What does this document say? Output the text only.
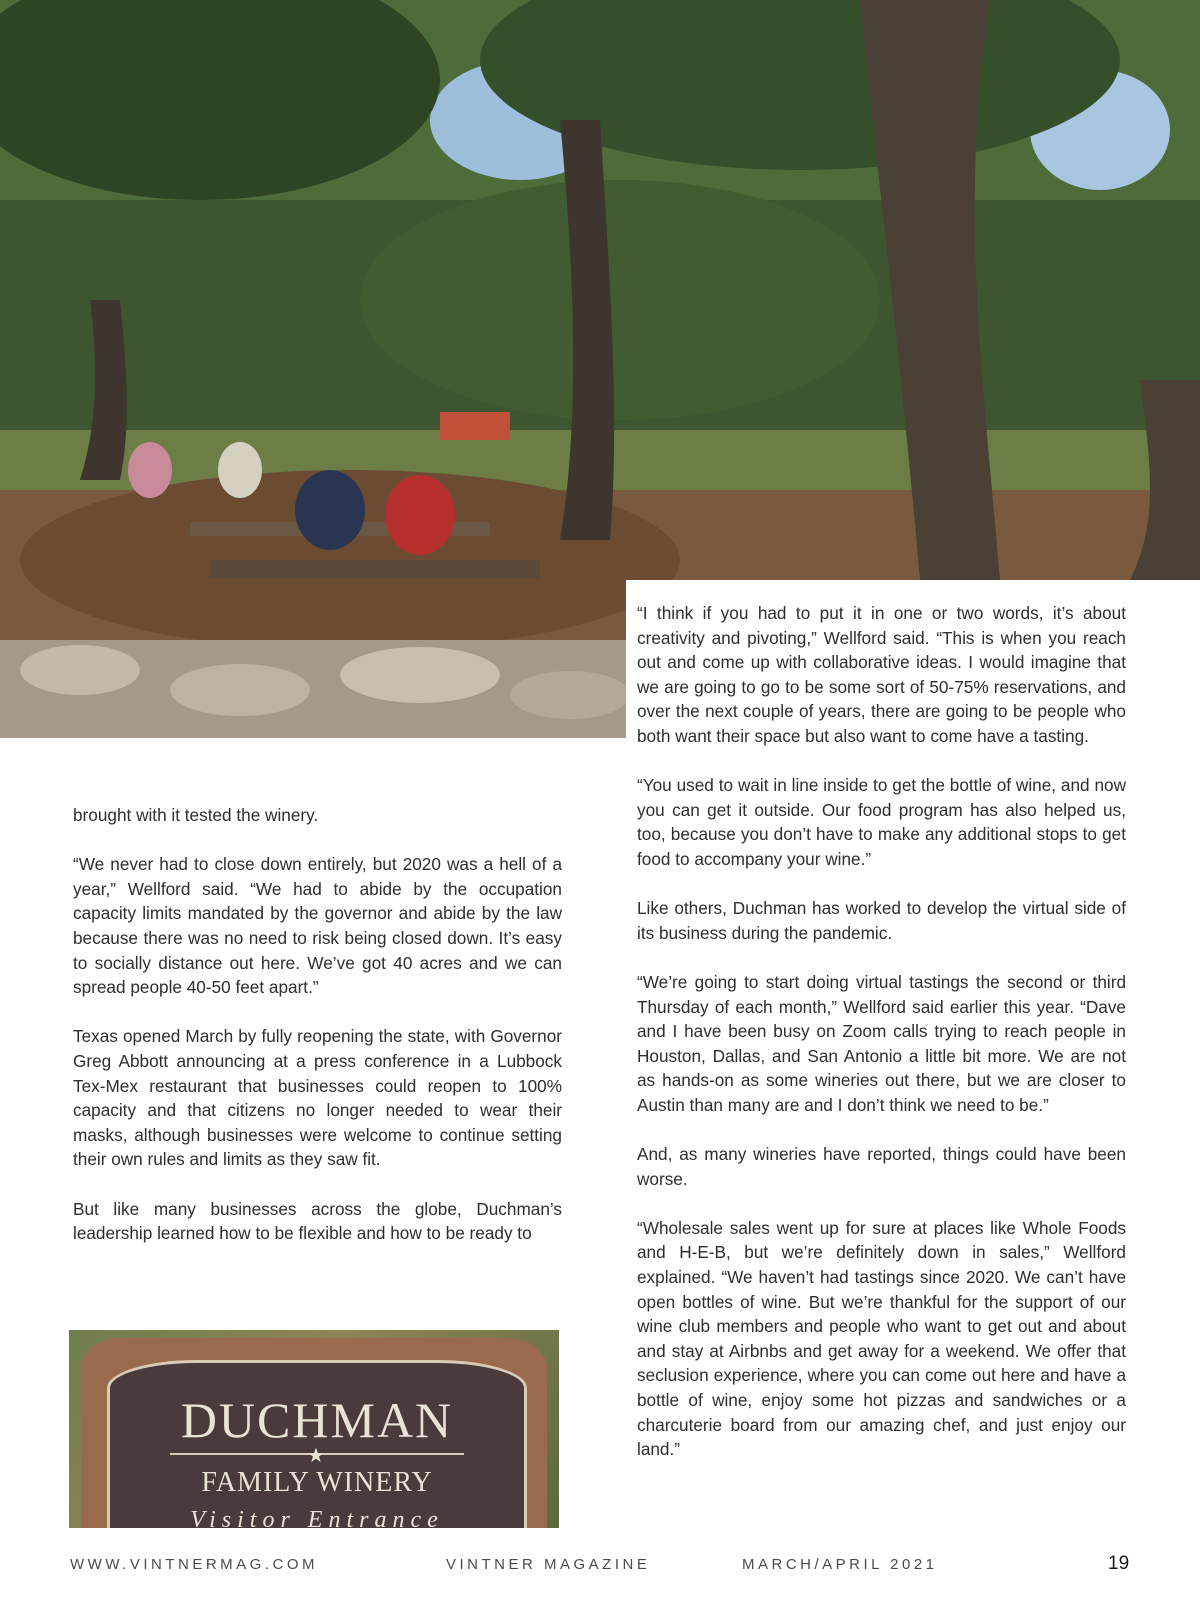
brought with it tested the winery.

“We never had to close down entirely, but 2020 was a hell of a year,” Wellford said. “We had to abide by the occupation capacity limits mandated by the governor and abide by the law because there was no need to risk being closed down. It’s easy to socially distance out here. We’ve got 40 acres and we can spread people 40-50 feet apart.”

Texas opened March by fully reopening the state, with Governor Greg Abbott announcing at a press conference in a Lubbock Tex-Mex restaurant that businesses could reopen to 100% capacity and that citizens no longer needed to wear their masks, although businesses were welcome to continue setting their own rules and limits as they saw fit.

But like many businesses across the globe, Duchman’s leadership learned how to be flexible and how to be ready to

“I think if you had to put it in one or two words, it’s about creativity and pivoting,” Wellford said. “This is when you reach out and come up with collaborative ideas. I would imagine that we are going to go to be some sort of 50-75% reservations, and over the next couple of years, there are going to be people who both want their space but also want to come have a tasting.

“You used to wait in line inside to get the bottle of wine, and now you can get it outside. Our food program has also helped us, too, because you don’t have to make any additional stops to get food to accompany your wine.”

Like others, Duchman has worked to develop the virtual side of its business during the pandemic.

“We’re going to start doing virtual tastings the second or third Thursday of each month,” Wellford said earlier this year. “Dave and I have been busy on Zoom calls trying to reach people in Houston, Dallas, and San Antonio a little bit more. We are not as hands-on as some wineries out there, but we are closer to Austin than many are and I don’t think we need to be.”

And, as many wineries have reported, things could have been worse.

“Wholesale sales went up for sure at places like Whole Foods and H-E-B, but we’re definitely down in sales,” Wellford explained. “We haven’t had tastings since 2020. We can’t have open bottles of wine. But we’re thankful for the support of our wine club members and people who want to get out and about and stay at Airbnbs and get away for a weekend. We offer that seclusion experience, where you can come out here and have a bottle of wine, enjoy some hot pizzas and sandwiches or a charcuterie board from our amazing chef, and just enjoy our land.”

DUCHMAN
★
FAMILY WINERY
Visitor Entrance
WWW.VINTNERMAG.COM	VINTNER MAGAZINE	MARCH/APRIL 2021	19
